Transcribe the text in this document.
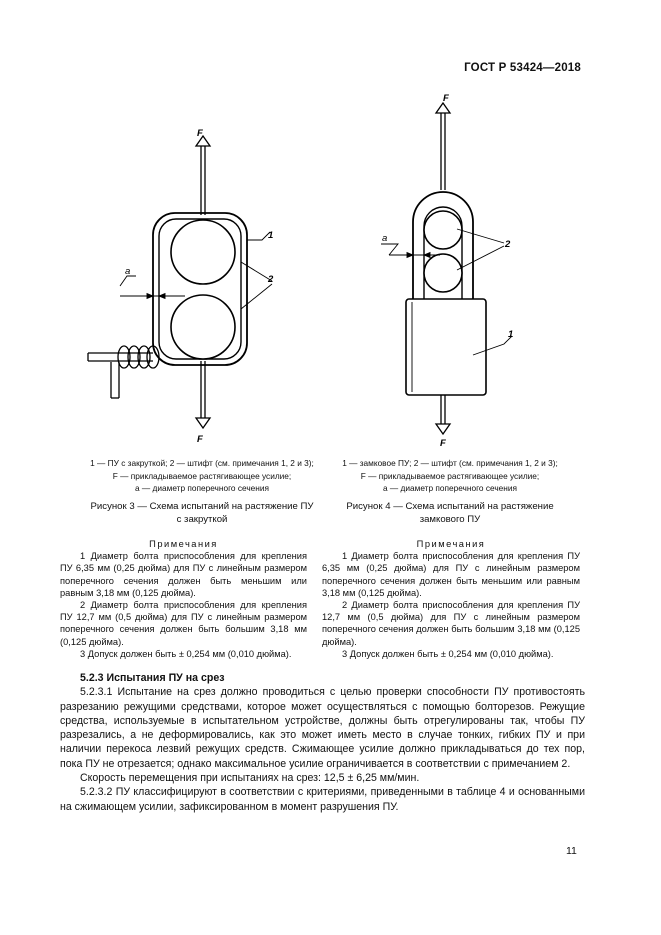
ГОСТ Р 53424—2018
F
F
a
1
2
F
F
a
2
1
1 — ПУ с закруткой; 2 — штифт (см. примечания 1, 2 и 3);
F — прикладываемое растягивающее усилие;
a — диаметр поперечного сечения
Рисунок 3 — Схема испытаний на растяжение ПУ
с закруткой
1 — замковое ПУ; 2 — штифт (см. примечания 1, 2 и 3);
F — прикладываемое растягивающее усилие;
a — диаметр поперечного сечения
Рисунок 4 — Схема испытаний на растяжение
замкового ПУ

Примечания

1 Диаметр болта приспособления для крепления ПУ 6,35 мм (0,25 дюйма) для ПУ с линейным размером поперечного сечения должен быть меньшим или равным 3,18 мм (0,125 дюйма).

2 Диаметр болта приспособления для крепления ПУ 12,7 мм (0,5 дюйма) для ПУ с линейным размером поперечного сечения должен быть большим 3,18 мм (0,125 дюйма).

3 Допуск должен быть ± 0,254 мм (0,010 дюйма).

Примечания

1 Диаметр болта приспособления для крепления ПУ 6,35 мм (0,25 дюйма) для ПУ с линейным размером поперечного сечения должен быть меньшим или равным 3,18 мм (0,125 дюйма).

2 Диаметр болта приспособления для крепления ПУ 12,7 мм (0,5 дюйма) для ПУ с линейным размером поперечного сечения должен быть большим 3,18 мм (0,125 дюйма).

3 Допуск должен быть ± 0,254 мм (0,010 дюйма).

5.2.3 Испытания ПУ на срез

5.2.3.1 Испытание на срез должно проводиться с целью проверки способности ПУ противостоять разрезанию режущими средствами, которое может осуществляться с помощью болторезов. Режущие средства, используемые в испытательном устройстве, должны быть отрегулированы так, чтобы ПУ разрезались, а не деформировались, как это может иметь место в случае тонких, гибких ПУ и при наличии перекоса лезвий режущих средств. Сжимающее усилие должно прикладываться до тех пор, пока ПУ не отрезается; однако максимальное усилие ограничивается в соответствии с примечанием 2.

Скорость перемещения при испытаниях на срез: 12,5 ± 6,25 мм/мин.

5.2.3.2 ПУ классифицируют в соответствии с критериями, приведенными в таблице 4 и основанными на сжимающем усилии, зафиксированном в момент разрушения ПУ.

11
